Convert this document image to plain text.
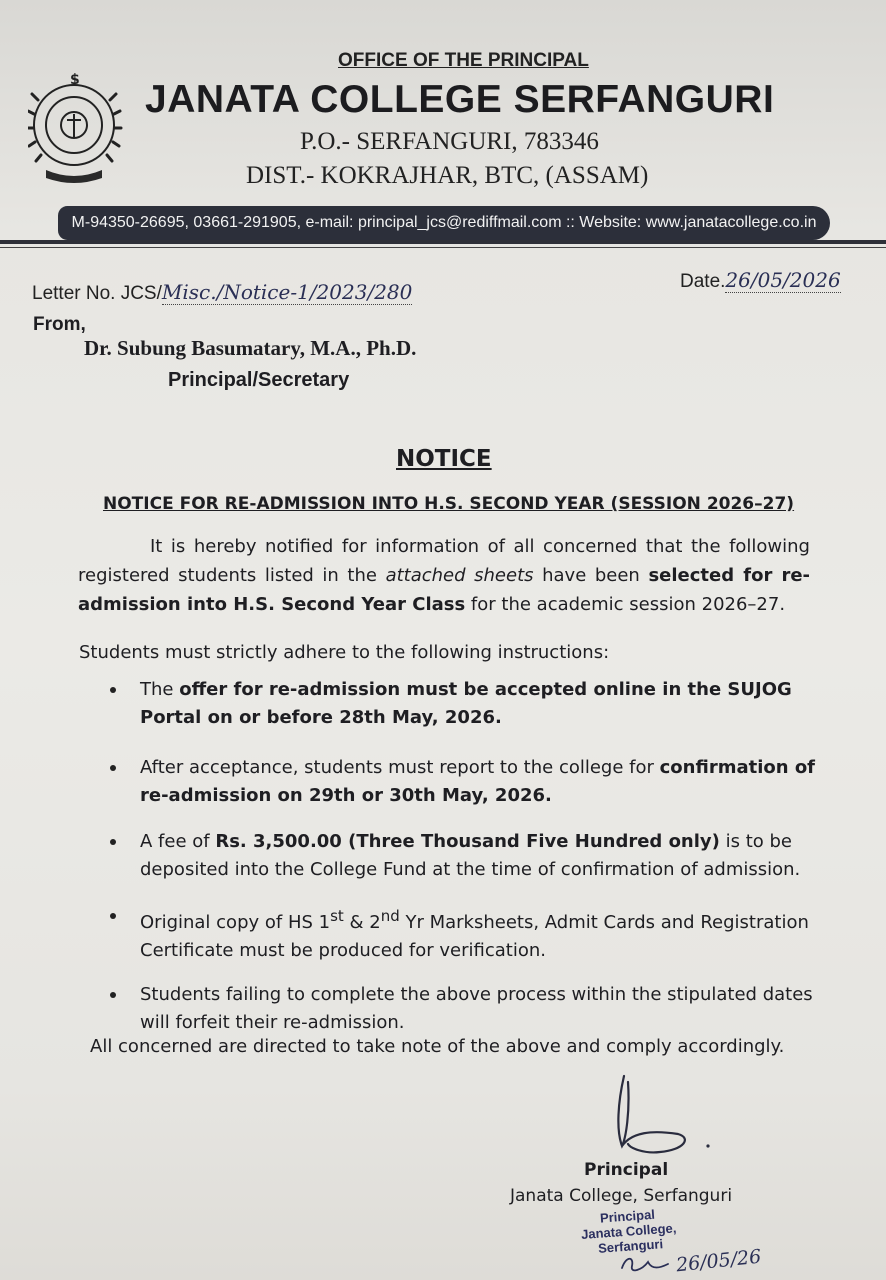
$
OFFICE OF THE PRINCIPAL
JANATA COLLEGE SERFANGURI
P.O.- SERFANGURI, 783346
DIST.- KOKRAJHAR, BTC, (ASSAM)
M-94350-26695, 03661-291905, e-mail: principal_jcs@rediffmail.com :: Website: www.janatacollege.co.in
Letter No. JCS/Misc./Notice-1/2023/280	Date.26/05/2026
From,
Dr. Subung Basumatary, M.A., Ph.D.
Principal/Secretary
NOTICE
NOTICE FOR RE-ADMISSION INTO H.S. SECOND YEAR (SESSION 2026–27)
It is hereby notified for information of all concerned that the following registered students listed in the attached sheets have been selected for re-admission into H.S. Second Year Class for the academic session 2026–27.
Students must strictly adhere to the following instructions:
The offer for re-admission must be accepted online in the SUJOG Portal on or before 28th May, 2026.
After acceptance, students must report to the college for confirmation of re-admission on 29th or 30th May, 2026.
A fee of Rs. 3,500.00 (Three Thousand Five Hundred only) is to be deposited into the College Fund at the time of confirmation of admission.
Original copy of HS 1st & 2nd Yr Marksheets, Admit Cards and Registration Certificate must be produced for verification.
Students failing to complete the above process within the stipulated dates will forfeit their re-admission.
All concerned are directed to take note of the above and comply accordingly.
Principal
Janata College, Serfanguri
Principal
Janata College,
Serfanguri 26/05/26
